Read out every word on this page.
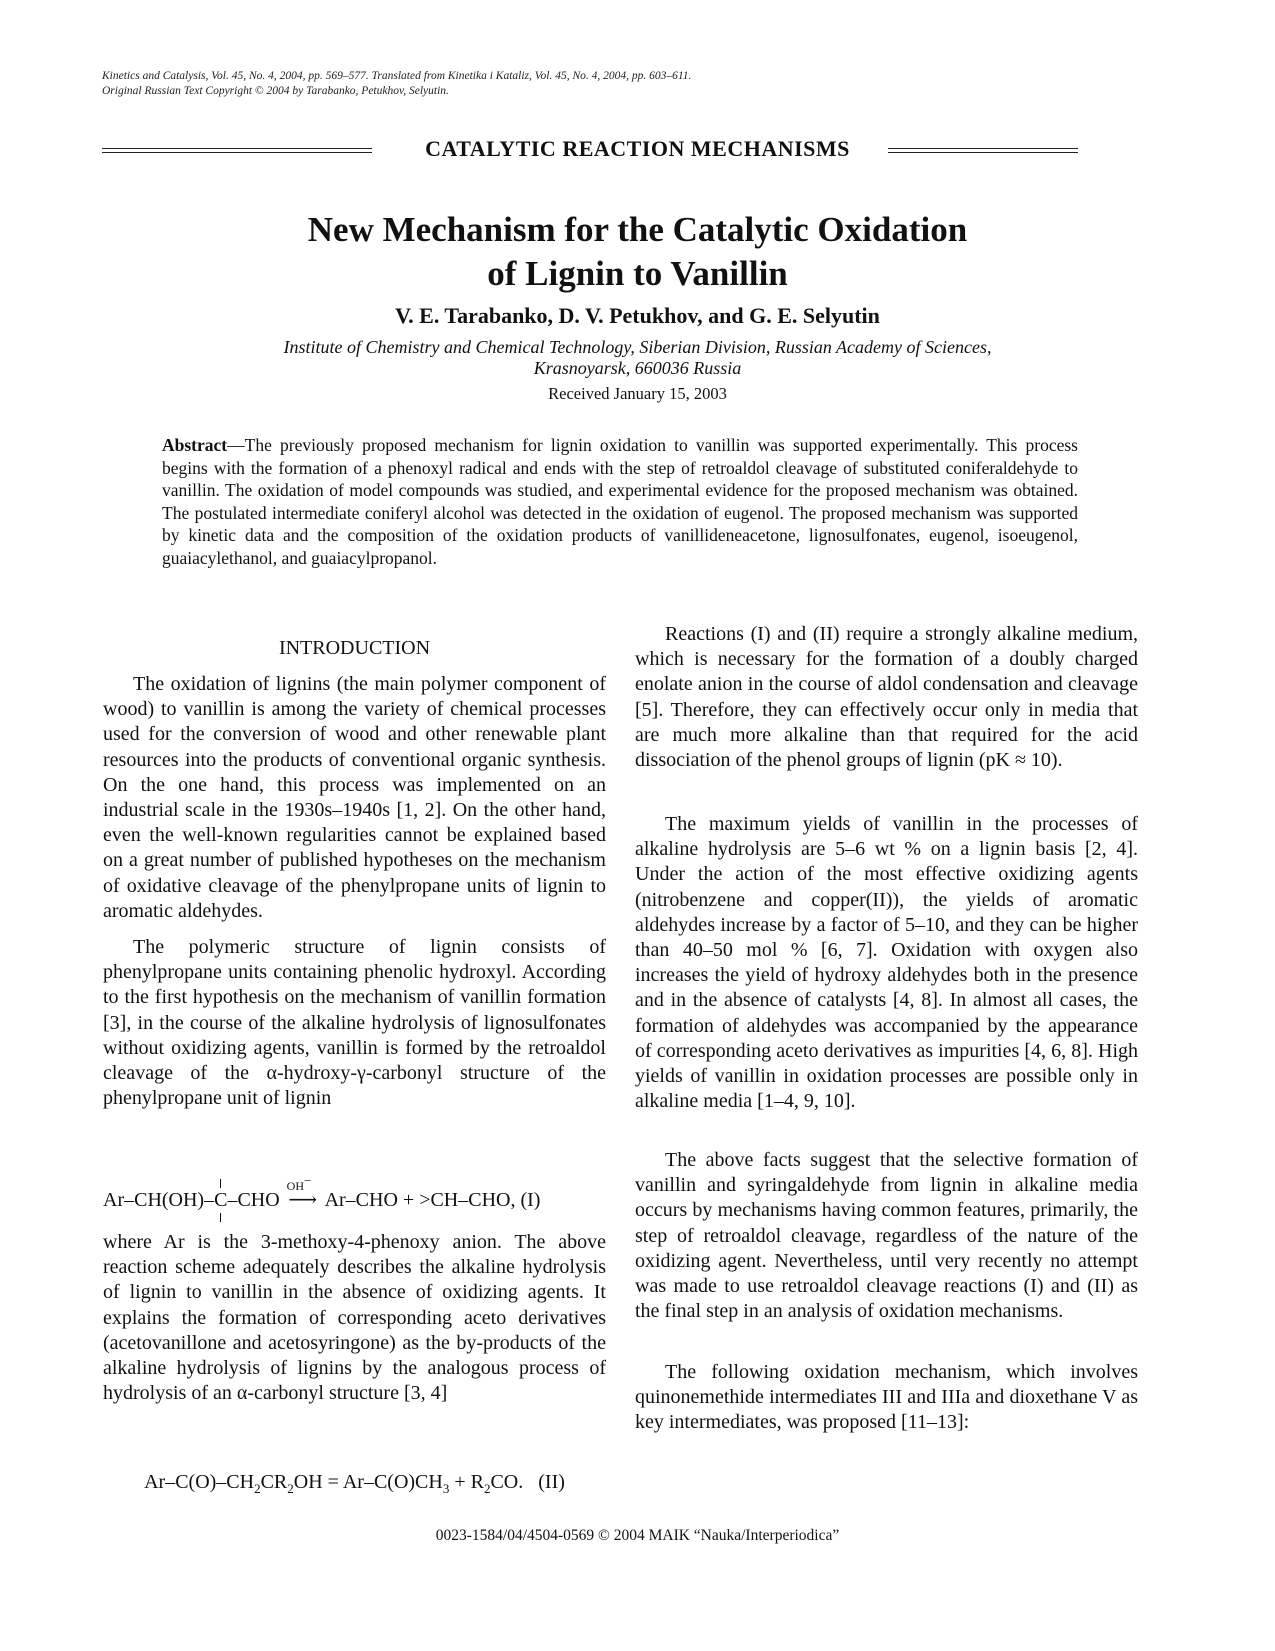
Kinetics and Catalysis, Vol. 45, No. 4, 2004, pp. 569–577. Translated from Kinetika i Kataliz, Vol. 45, No. 4, 2004, pp. 603–611.
Original Russian Text Copyright © 2004 by Tarabanko, Petukhov, Selyutin.
CATALYTIC REACTION MECHANISMS
New Mechanism for the Catalytic Oxidation
of Lignin to Vanillin
V. E. Tarabanko, D. V. Petukhov, and G. E. Selyutin
Institute of Chemistry and Chemical Technology, Siberian Division, Russian Academy of Sciences,
Krasnoyarsk, 660036 Russia
Received January 15, 2003
Abstract—The previously proposed mechanism for lignin oxidation to vanillin was supported experimentally. This process begins with the formation of a phenoxyl radical and ends with the step of retroaldol cleavage of substituted coniferaldehyde to vanillin. The oxidation of model compounds was studied, and experimental evidence for the proposed mechanism was obtained. The postulated intermediate coniferyl alcohol was detected in the oxidation of eugenol. The proposed mechanism was supported by kinetic data and the composition of the oxidation products of vanillideneacetone, lignosulfonates, eugenol, isoeugenol, guaiacylethanol, and guaiacylpropanol.
INTRODUCTION

The oxidation of lignins (the main polymer component of wood) to vanillin is among the variety of chemical processes used for the conversion of wood and other renewable plant resources into the products of conventional organic synthesis. On the one hand, this process was implemented on an industrial scale in the 1930s–1940s [1, 2]. On the other hand, even the well-known regularities cannot be explained based on a great number of published hypotheses on the mechanism of oxidative cleavage of the phenylpropane units of lignin to aromatic aldehydes.

The polymeric structure of lignin consists of phenylpropane units containing phenolic hydroxyl. According to the first hypothesis on the mechanism of vanillin formation [3], in the course of the alkaline hydrolysis of lignosulfonates without oxidizing agents, vanillin is formed by the retroaldol cleavage of the α-hydroxy-γ-carbonyl structure of the phenylpropane unit of lignin

Ar–CH(OH)–
C
–CHO
OH−
⟶ Ar–CHO + >CH–CHO, (I)

where Ar is the 3-methoxy-4-phenoxy anion. The above reaction scheme adequately describes the alkaline hydrolysis of lignin to vanillin in the absence of oxidizing agents. It explains the formation of corresponding aceto derivatives (acetovanillone and acetosyringone) as the by-products of the alkaline hydrolysis of lignins by the analogous process of hydrolysis of an α-carbonyl structure [3, 4]

$Ar-C(O)-CH_2CR_2OH = Ar-C(O)CH_3 + R_2CO$. (II)

Reactions (I) and (II) require a strongly alkaline medium, which is necessary for the formation of a doubly charged enolate anion in the course of aldol condensation and cleavage [5]. Therefore, they can effectively occur only in media that are much more alkaline than that required for the acid dissociation of the phenol groups of lignin (pK ≈ 10).

The maximum yields of vanillin in the processes of alkaline hydrolysis are 5–6 wt % on a lignin basis [2, 4]. Under the action of the most effective oxidizing agents (nitrobenzene and copper(II)), the yields of aromatic aldehydes increase by a factor of 5–10, and they can be higher than 40–50 mol % [6, 7]. Oxidation with oxygen also increases the yield of hydroxy aldehydes both in the presence and in the absence of catalysts [4, 8]. In almost all cases, the formation of aldehydes was accompanied by the appearance of corresponding aceto derivatives as impurities [4, 6, 8]. High yields of vanillin in oxidation processes are possible only in alkaline media [1–4, 9, 10].

The above facts suggest that the selective formation of vanillin and syringaldehyde from lignin in alkaline media occurs by mechanisms having common features, primarily, the step of retroaldol cleavage, regardless of the nature of the oxidizing agent. Nevertheless, until very recently no attempt was made to use retroaldol cleavage reactions (I) and (II) as the final step in an analysis of oxidation mechanisms.

The following oxidation mechanism, which involves quinonemethide intermediates III and IIIa and dioxethane V as key intermediates, was proposed [11–13]:

0023-1584/04/4504-0569 © 2004 MAIK “Nauka/Interperiodica”
